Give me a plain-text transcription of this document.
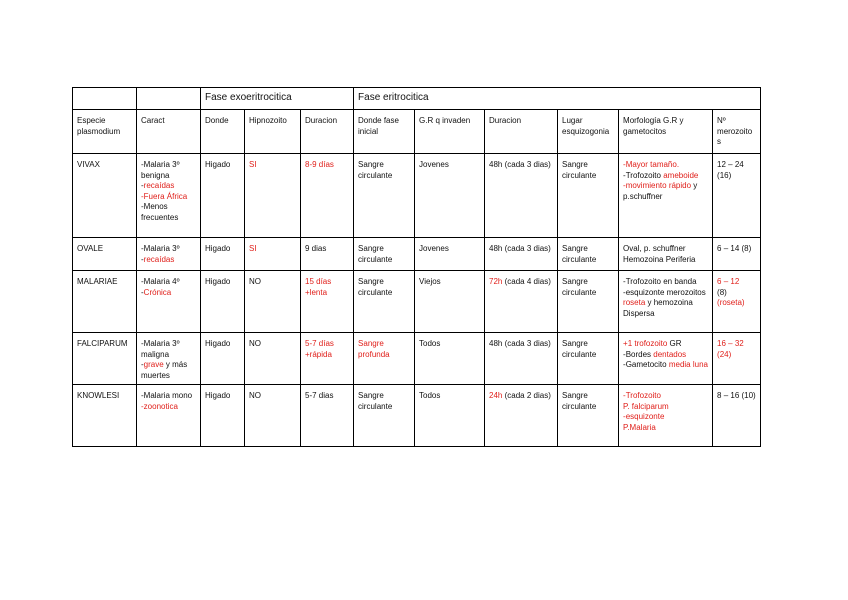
		Fase exoeritrocitica			Fase eritrocitica					
Especie plasmodium	Caract	Donde	Hipnozoito	Duracion	Donde fase inicial	G.R q invaden	Duracion	Lugar esquizogonia	Morfología G.R y gametocitos	Nº merozoitos
VIVAX	-Malaria 3º benigna
-recaídas
-Fuera África
-Menos frecuentes	Higado	SI	8-9 días	Sangre circulante	Jovenes	48h (cada 3 dias)	Sangre circulante	-Mayor tamaño.
-Trofozoito ameboide
-movimiento rápido y p.schuffner	12 – 24 (16)

OVALE	-Malaria 3º
-recaídas	Higado	SI	9 dias	Sangre circulante	Jovenes	48h (cada 3 dias)	Sangre circulante	Oval, p. schuffner
Hemozoina Periferia	6 – 14 (8)

MALARIAE	-Malaria 4º
-Crónica	Higado	NO	15 días +lenta	Sangre circulante	Viejos	72h (cada 4 dias)	Sangre circulante	-Trofozoito en banda
-esquizonte merozoitos roseta y hemozoina Dispersa	6 – 12
(8)
(roseta)

FALCIPARUM	-Malaria 3º maligna
-grave y más muertes	Higado	NO	5-7 días +rápida	Sangre profunda	Todos	48h (cada 3 dias)	Sangre circulante	+1 trofozoito GR
-Bordes dentados
-Gametocito media luna	16 – 32 (24)

KNOWLESI	-Malaria mono
-zoonotica	Higado	NO	5-7 dias	Sangre circulante	Todos	24h (cada 2 dias)	Sangre circulante	-Trofozoito
P. falciparum
-esquizonte
P.Malaria	8 – 16 (10)
